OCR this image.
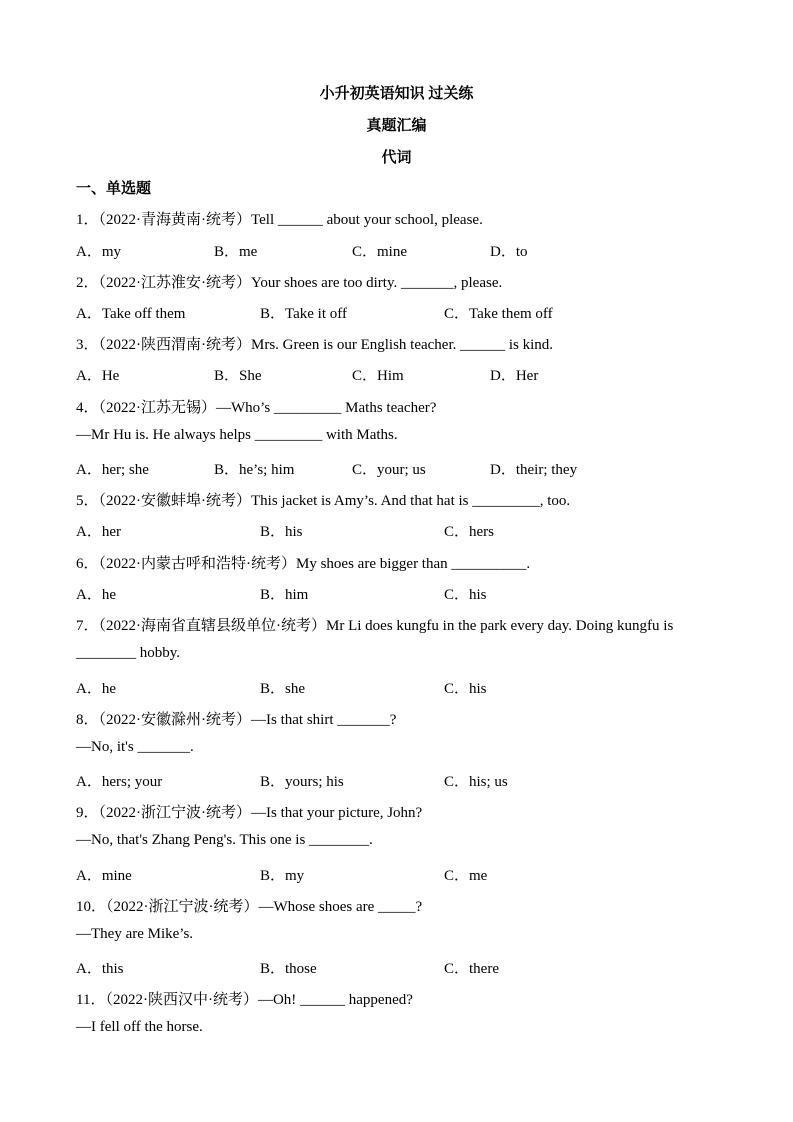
小升初英语知识 过关练
真题汇编
代词
一、单选题
1．（2022·青海黄南·统考）Tell ______ about your school, please.
A．my	B．me	C．mine	D．to
2．（2022·江苏淮安·统考）Your shoes are too dirty. _______, please.
A．Take off them	B．Take it off	C．Take them off
3．（2022·陕西渭南·统考）Mrs. Green is our English teacher. ______ is kind.
A．He	B．She	C．Him	D．Her
4．（2022·江苏无锡）—Who’s _________ Maths teacher?
—Mr Hu is. He always helps _________ with Maths.
A．her; she	B．he’s; him	C．your; us	D．their; they
5．（2022·安徽蚌埠·统考）This jacket is Amy’s. And that hat is _________, too.
A．her	B．his	C．hers
6．（2022·内蒙古呼和浩特·统考）My shoes are bigger than __________.
A．he	B．him	C．his
7．（2022·海南省直辖县级单位·统考）Mr Li does kungfu in the park every day. Doing kungfu is
________ hobby.
A．he	B．she	C．his
8．（2022·安徽滁州·统考）—Is that shirt _______?
—No, it's _______.
A．hers; your	B．yours; his	C．his; us
9．（2022·浙江宁波·统考）—Is that your picture, John?
—No, that's Zhang Peng's. This one is ________.
A．mine	B．my	C．me
10．（2022·浙江宁波·统考）—Whose shoes are _____?
—They are Mike’s.
A．this	B．those	C．there
11．（2022·陕西汉中·统考）—Oh! ______ happened?
—I fell off the horse.
